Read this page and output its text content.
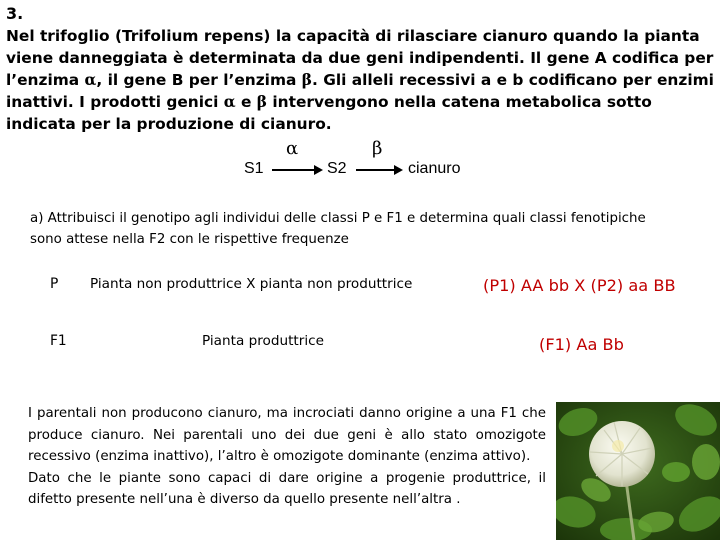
3.

Nel trifoglio (Trifolium repens) la capacità di rilasciare cianuro quando la pianta viene danneggiata è determinata da due geni indipendenti. Il gene A codifica per l’enzima α, il gene B per l’enzima β. Gli alleli recessivi a e b codificano per enzimi inattivi. I prodotti genici α e β intervengono nella catena metabolica sotto indicata per la produzione di cianuro.

α	β
S1	S2	cianuro

a) Attribuisci il genotipo agli individui delle classi P e F1 e determina quali classi fenotipiche sono attese nella F2 con le rispettive frequenze

P Pianta non produttrice X pianta non produttrice	(P1) AA bb X (P2) aa BB
F1	Pianta produttrice	(F1) Aa Bb
I parentali non producono cianuro, ma incrociati danno origine a una F1 che produce cianuro. Nei parentali uno dei due geni è allo stato omozigote recessivo (enzima inattivo), l’altro è omozigote dominante (enzima attivo).
Dato che le piante sono capaci di dare origine a progenie produttrice, il difetto presente nell’una è diverso da quello presente nell’altra .
